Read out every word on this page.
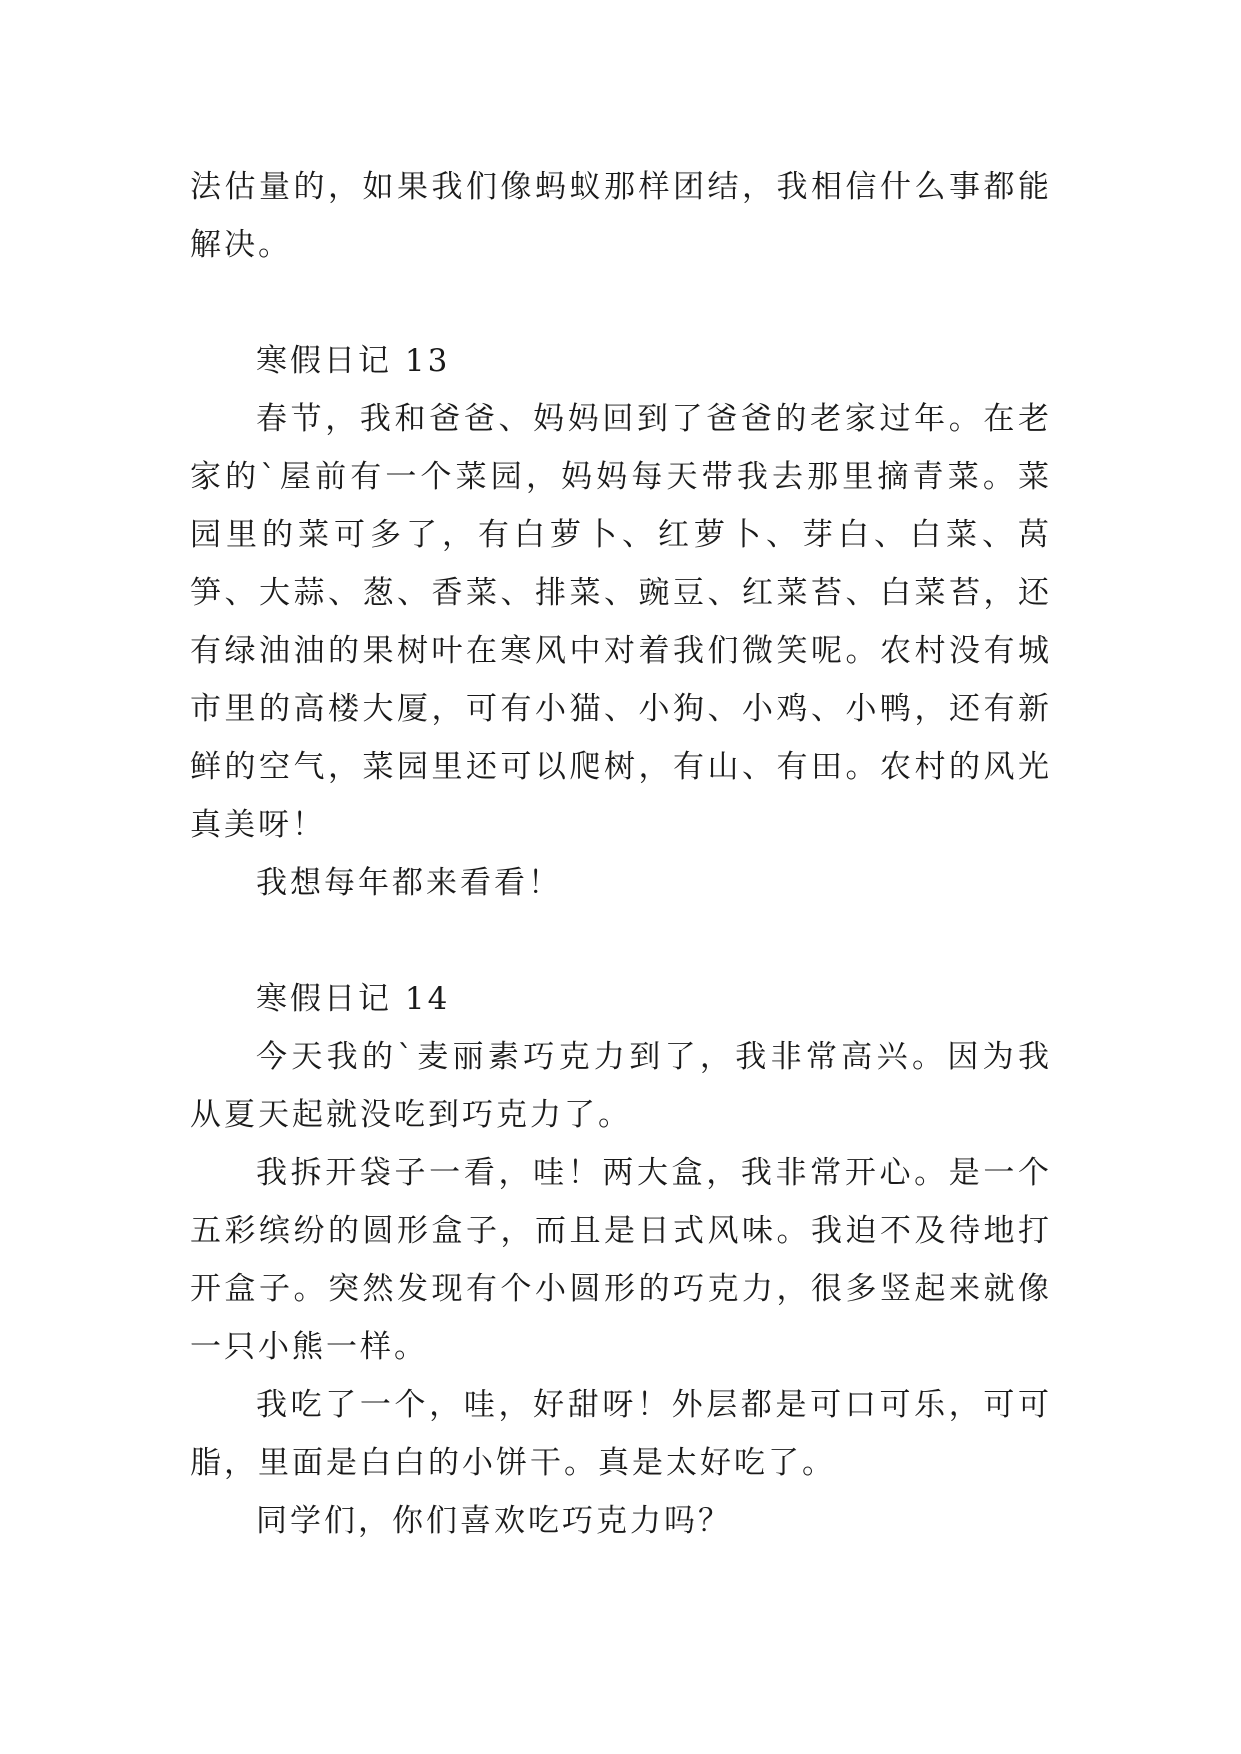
法估量的，如果我们像蚂蚁那样团结，我相信什么事都能解决。

寒假日记 13

春节，我和爸爸、妈妈回到了爸爸的老家过年。在老家的`屋前有一个菜园，妈妈每天带我去那里摘青菜。菜园里的菜可多了，有白萝卜、红萝卜、芽白、白菜、莴笋、大蒜、葱、香菜、排菜、豌豆、红菜苔、白菜苔，还有绿油油的果树叶在寒风中对着我们微笑呢。农村没有城市里的高楼大厦，可有小猫、小狗、小鸡、小鸭，还有新鲜的空气，菜园里还可以爬树，有山、有田。农村的风光真美呀！

我想每年都来看看！

寒假日记 14

今天我的`麦丽素巧克力到了，我非常高兴。因为我从夏天起就没吃到巧克力了。

我拆开袋子一看，哇！两大盒，我非常开心。是一个五彩缤纷的圆形盒子，而且是日式风味。我迫不及待地打开盒子。突然发现有个小圆形的巧克力，很多竖起来就像一只小熊一样。

我吃了一个，哇，好甜呀！外层都是可口可乐，可可脂，里面是白白的小饼干。真是太好吃了。

同学们，你们喜欢吃巧克力吗？
